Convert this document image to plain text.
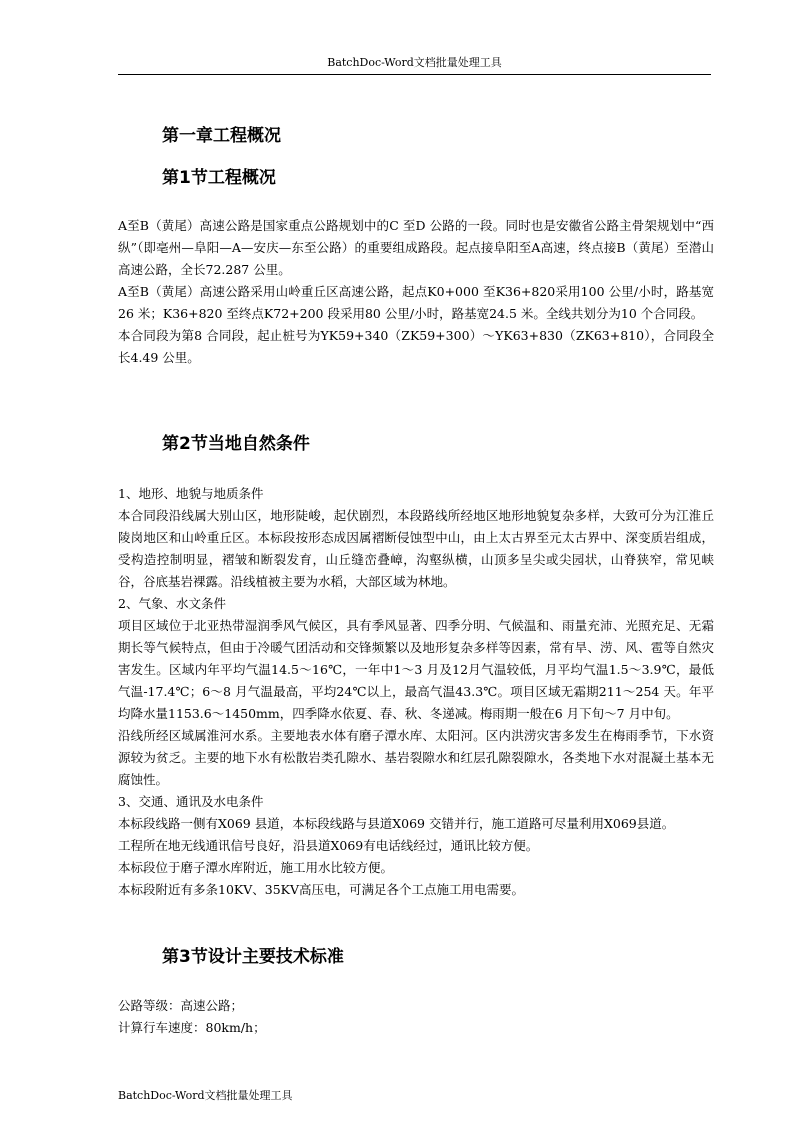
BatchDoc-Word文档批量处理工具
第一章工程概况
第1节工程概况

A至B（黄尾）高速公路是国家重点公路规划中的C 至D 公路的一段。同时也是安徽省公路主骨架规划中“西纵”（即亳州—阜阳—A—安庆—东至公路）的重要组成路段。起点接阜阳至A高速，终点接B（黄尾）至潜山高速公路，全长72.287 公里。

A至B（黄尾）高速公路采用山岭重丘区高速公路，起点K0+000 至K36+820采用100 公里/小时，路基宽26 米；K36+820 至终点K72+200 段采用80 公里/小时，路基宽24.5 米。全线共划分为10 个合同段。

本合同段为第8 合同段，起止桩号为YK59+340（ZK59+300）～YK63+830（ZK63+810），合同段全长4.49 公里。

第2节当地自然条件

1、地形、地貌与地质条件

本合同段沿线属大别山区，地形陡峻，起伏剧烈，本段路线所经地区地形地貌复杂多样，大致可分为江淮丘陵岗地区和山岭重丘区。本标段按形态成因属褶断侵蚀型中山，由上太古界至元太古界中、深变质岩组成，受构造控制明显，褶皱和断裂发育，山丘缝峦叠嶂，沟壑纵横，山顶多呈尖或尖园状，山脊狭窄，常见峡谷，谷底基岩裸露。沿线植被主要为水稻，大部区域为林地。

2、气象、水文条件

项目区域位于北亚热带湿润季风气候区，具有季风显著、四季分明、气候温和、雨量充沛、光照充足、无霜期长等气候特点，但由于冷暖气团活动和交锋频繁以及地形复杂多样等因素，常有旱、涝、风、雹等自然灾害发生。区域内年平均气温14.5～16℃，一年中1～3 月及12月气温较低，月平均气温1.5～3.9℃，最低气温-17.4℃；6～8 月气温最高，平均24℃以上，最高气温43.3℃。项目区域无霜期211～254 天。年平均降水量1153.6～1450mm，四季降水依夏、春、秋、冬递减。梅雨期一般在6 月下旬～7 月中旬。

沿线所经区域属淮河水系。主要地表水体有磨子潭水库、太阳河。区内洪涝灾害多发生在梅雨季节，下水资源较为贫乏。主要的地下水有松散岩类孔隙水、基岩裂隙水和红层孔隙裂隙水，各类地下水对混凝土基本无腐蚀性。

3、交通、通讯及水电条件

本标段线路一侧有X069 县道，本标段线路与县道X069 交错并行，施工道路可尽量利用X069县道。

工程所在地无线通讯信号良好，沿县道X069有电话线经过，通讯比较方便。

本标段位于磨子潭水库附近，施工用水比较方便。

本标段附近有多条10KV、35KV高压电，可满足各个工点施工用电需要。

第3节设计主要技术标准

公路等级：高速公路；

计算行车速度：80km/h；

BatchDoc-Word文档批量处理工具
